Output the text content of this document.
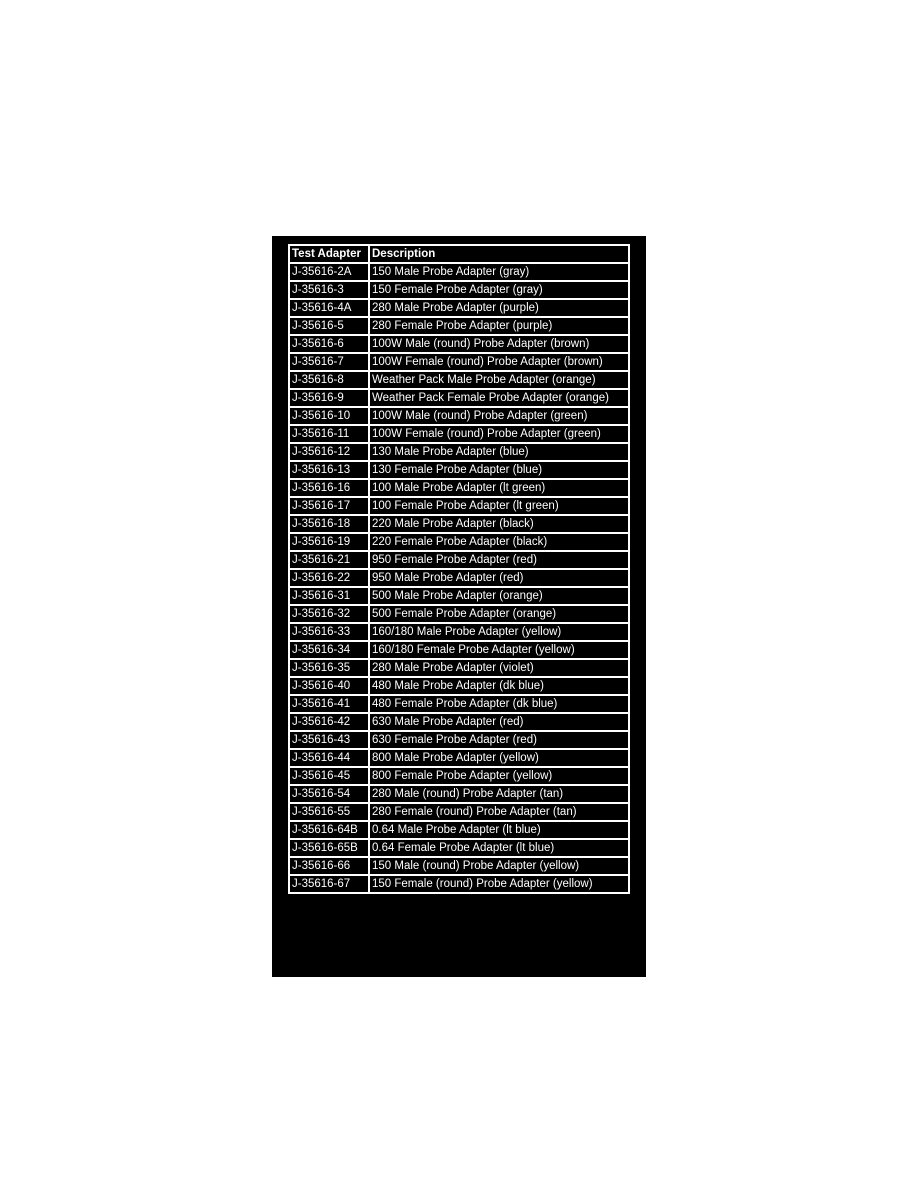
Test Adapter	Description
J-35616-2A	150 Male Probe Adapter (gray)
J-35616-3	150 Female Probe Adapter (gray)
J-35616-4A	280 Male Probe Adapter (purple)
J-35616-5	280 Female Probe Adapter (purple)
J-35616-6	100W Male (round) Probe Adapter (brown)
J-35616-7	100W Female (round) Probe Adapter (brown)
J-35616-8	Weather Pack Male Probe Adapter (orange)
J-35616-9	Weather Pack Female Probe Adapter (orange)
J-35616-10	100W Male (round) Probe Adapter (green)
J-35616-11	100W Female (round) Probe Adapter (green)
J-35616-12	130 Male Probe Adapter (blue)
J-35616-13	130 Female Probe Adapter (blue)
J-35616-16	100 Male Probe Adapter (lt green)
J-35616-17	100 Female Probe Adapter (lt green)
J-35616-18	220 Male Probe Adapter (black)
J-35616-19	220 Female Probe Adapter (black)
J-35616-21	950 Female Probe Adapter (red)
J-35616-22	950 Male Probe Adapter (red)
J-35616-31	500 Male Probe Adapter (orange)
J-35616-32	500 Female Probe Adapter (orange)
J-35616-33	160/180 Male Probe Adapter (yellow)
J-35616-34	160/180 Female Probe Adapter (yellow)
J-35616-35	280 Male Probe Adapter (violet)
J-35616-40	480 Male Probe Adapter (dk blue)
J-35616-41	480 Female Probe Adapter (dk blue)
J-35616-42	630 Male Probe Adapter (red)
J-35616-43	630 Female Probe Adapter (red)
J-35616-44	800 Male Probe Adapter (yellow)
J-35616-45	800 Female Probe Adapter (yellow)
J-35616-54	280 Male (round) Probe Adapter (tan)
J-35616-55	280 Female (round) Probe Adapter (tan)
J-35616-64B	0.64 Male Probe Adapter (lt blue)
J-35616-65B	0.64 Female Probe Adapter (lt blue)
J-35616-66	150 Male (round) Probe Adapter (yellow)
J-35616-67	150 Female (round) Probe Adapter (yellow)
